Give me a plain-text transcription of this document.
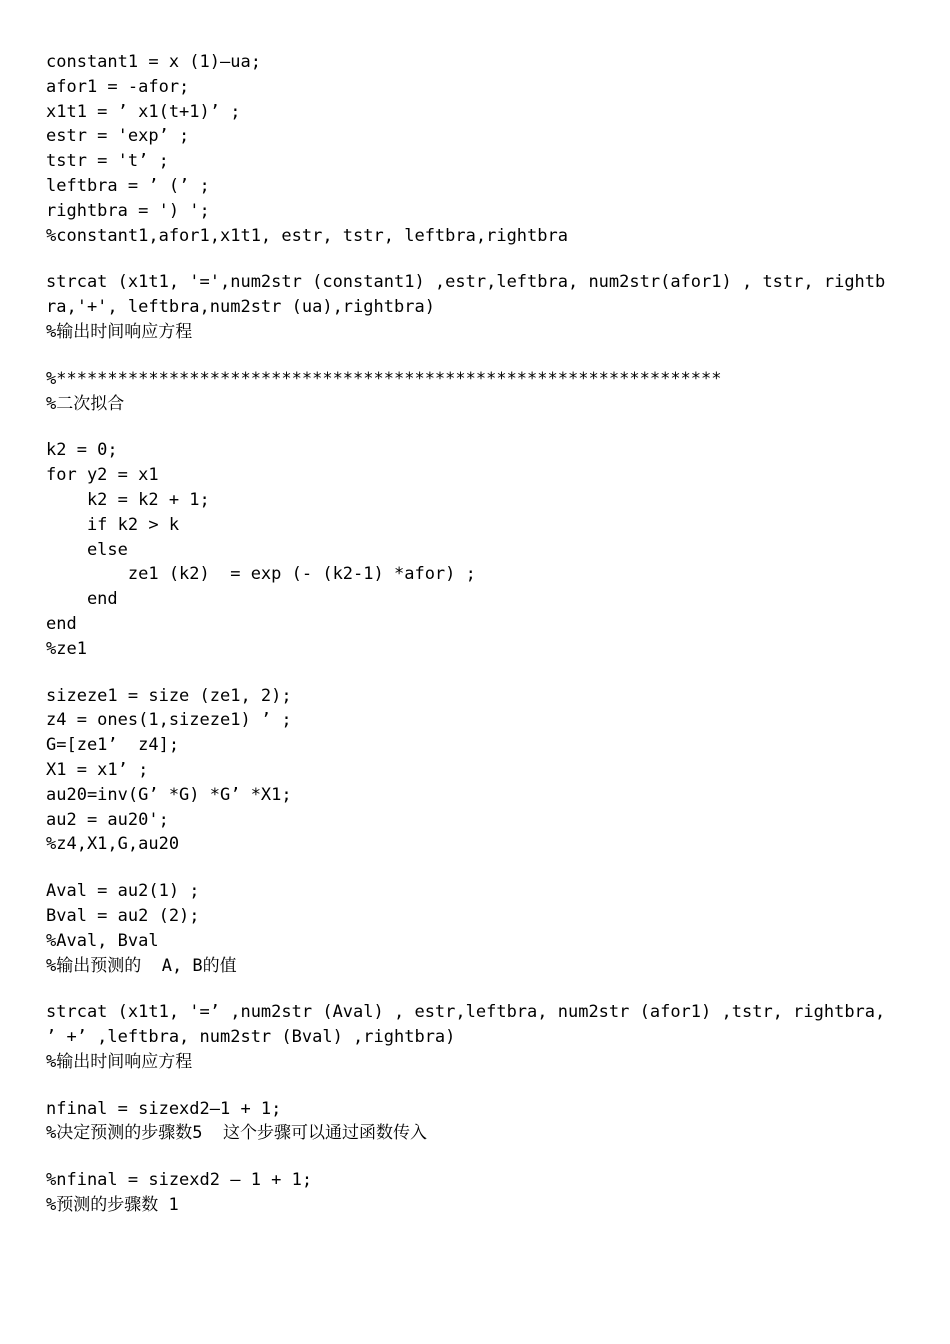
constant1 = x (1)—ua;
afor1 = -afor;
x1t1 = ’ x1(t+1)’ ;
estr = 'exp’ ;
tstr = 't’ ;
leftbra = ’ (’ ;
rightbra = ') ';
%constant1,afor1,x1t1, estr, tstr, leftbra,rightbra
strcat (x1t1, '=',num2str (constant1) ,estr,leftbra, num2str(afor1) , tstr, rightb
ra,'+', leftbra,num2str (ua),rightbra)
%输出时间响应方程
%*****************************************************************
%二次拟合
k2 = 0;
for y2 = x1
k2 = k2 + 1;
if k2 > k
else
ze1 (k2)  = exp (- (k2-1) *afor) ;
end
end
%ze1
sizeze1 = size (ze1, 2);
z4 = ones(1,sizeze1) ’ ;
G=[ze1’  z4];
X1 = x1’ ;
au20=inv(G’ *G) *G’ *X1;
au2 = au20';
%z4,X1,G,au20
Aval = au2(1) ;
Bval = au2 (2);
%Aval, Bval
%输出预测的  A, B的值
strcat (x1t1, '=’ ,num2str (Aval) , estr,leftbra, num2str (afor1) ,tstr, rightbra,
’ +’ ,leftbra, num2str (Bval) ,rightbra)
%输出时间响应方程
nfinal = sizexd2—1 + 1;
%决定预测的步骤数5  这个步骤可以通过函数传入
%nfinal = sizexd2 — 1 + 1;
%预测的步骤数 1
